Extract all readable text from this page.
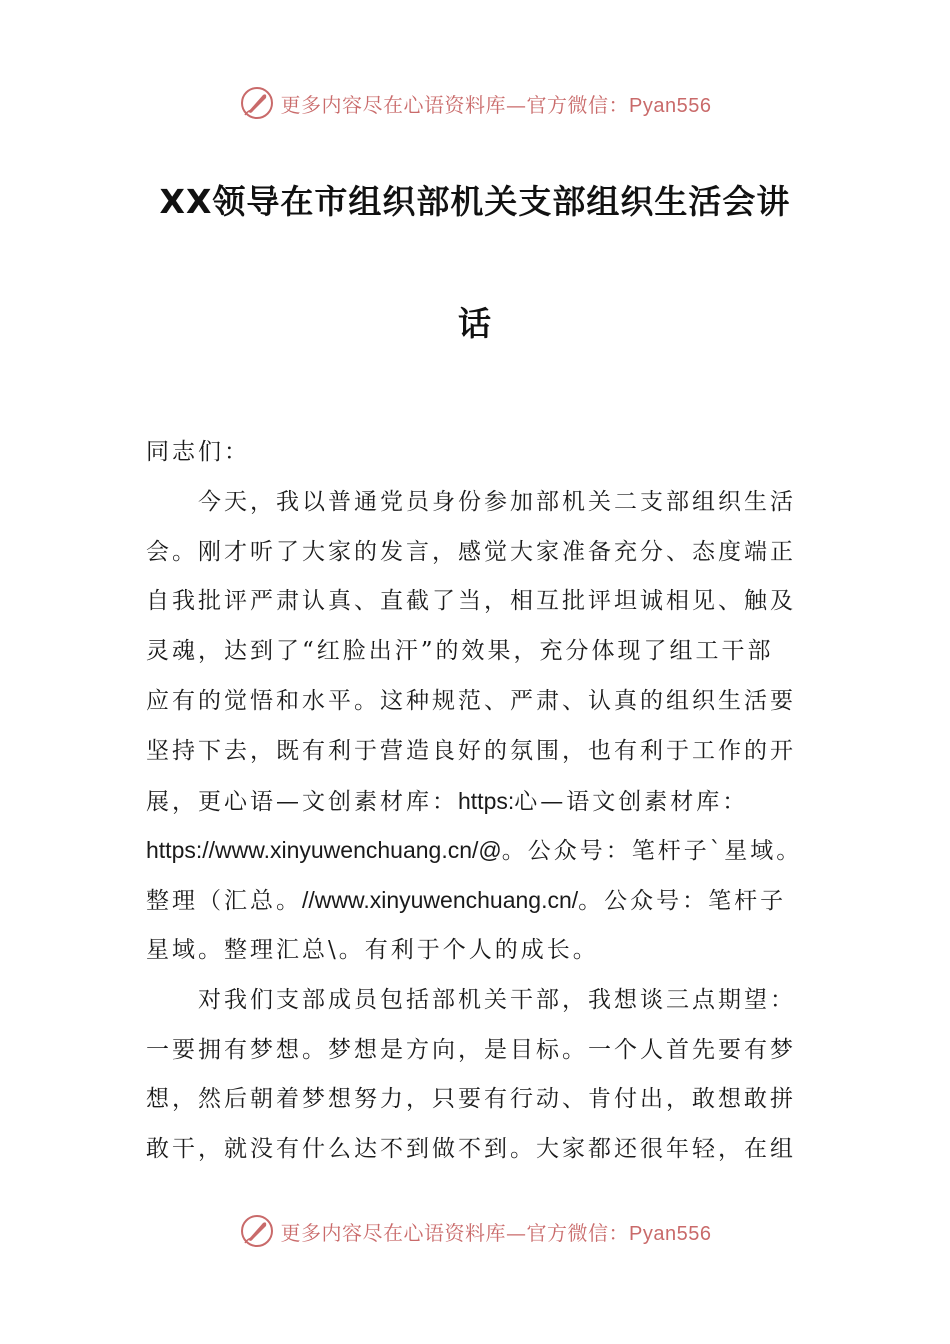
更多内容尽在心语资料库—官方微信：Pyan556
XX领导在市组织部机关支部组织生活会讲
话
同志们：
今天，我以普通党员身份参加部机关二支部组织生活
会。刚才听了大家的发言，感觉大家准备充分、态度端正
自我批评严肃认真、直截了当，相互批评坦诚相见、触及
灵魂，达到了“红脸出汗”的效果，充分体现了组工干部
应有的觉悟和水平。这种规范、严肃、认真的组织生活要
坚持下去，既有利于营造良好的氛围，也有利于工作的开
展，更心语—文创素材库：https:心—语文创素材库：
https://www.xinyuwenchuang.cn/@。公众号：笔杆子`星域。
整理（汇总。//www.xinyuwenchuang.cn/。公众号：笔杆子
星域。整理汇总\。有利于个人的成长。
对我们支部成员包括部机关干部，我想谈三点期望：
一要拥有梦想。梦想是方向，是目标。一个人首先要有梦
想，然后朝着梦想努力，只要有行动、肯付出，敢想敢拼
敢干，就没有什么达不到做不到。大家都还很年轻，在组
更多内容尽在心语资料库—官方微信：Pyan556
